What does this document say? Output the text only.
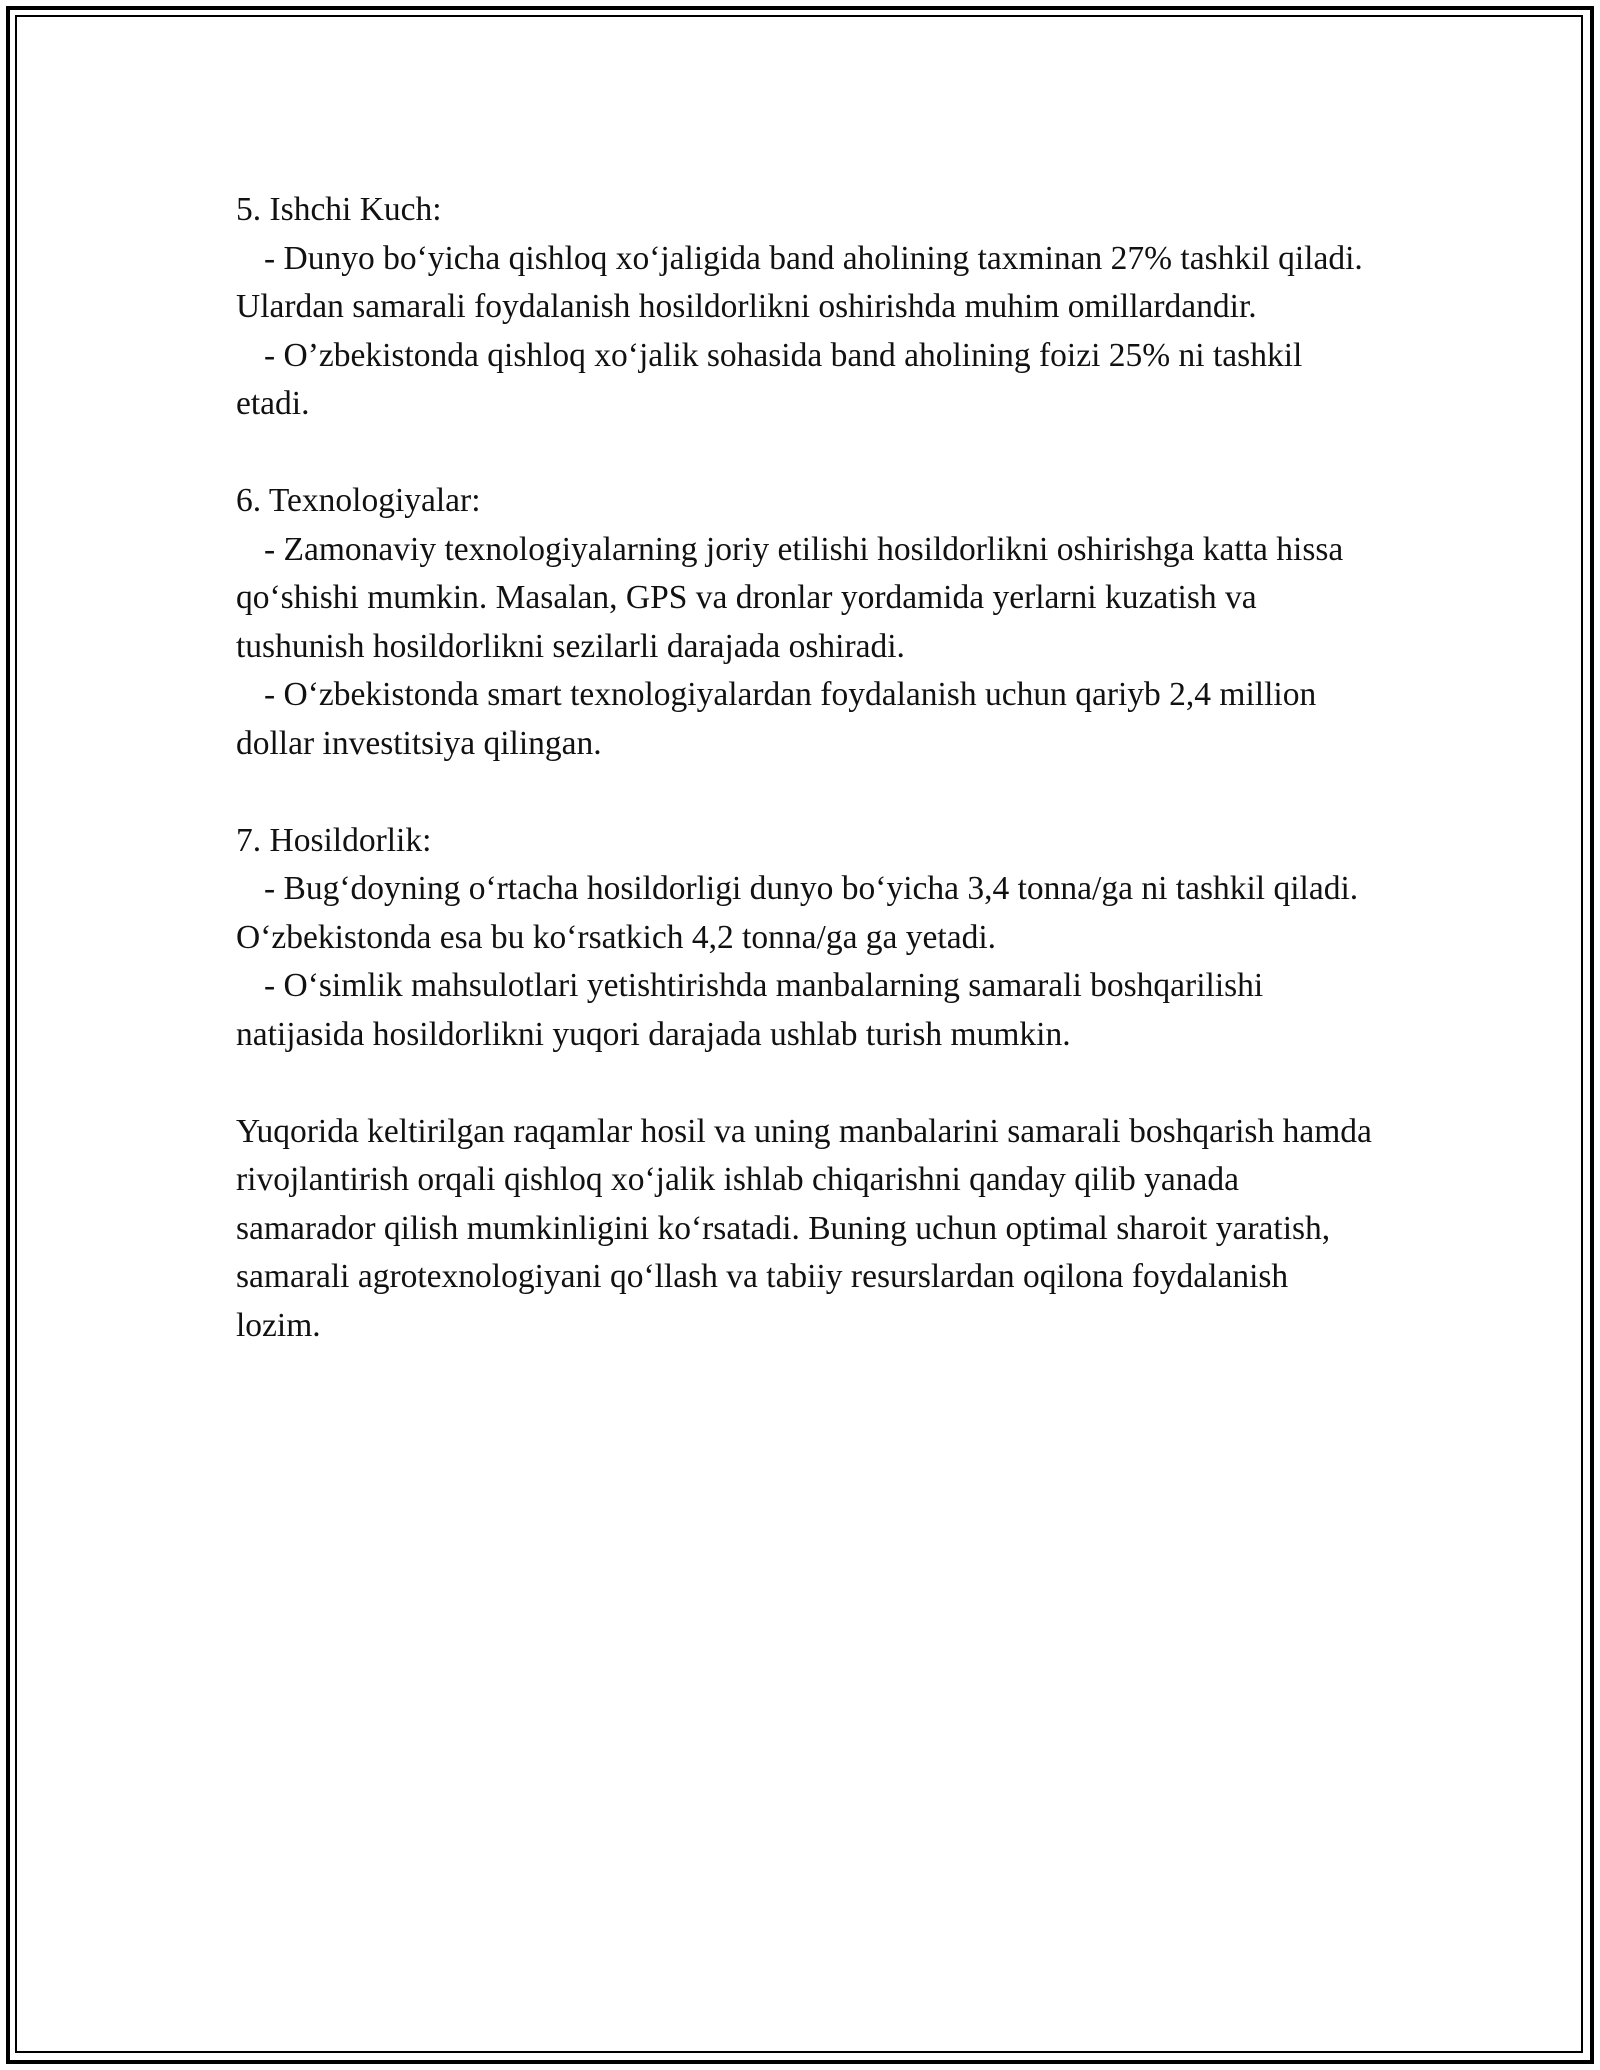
5. Ishchi Kuch:

- Dunyo bo‘yicha qishloq xo‘jaligida band aholining taxminan 27% tashkil qiladi. Ulardan samarali foydalanish hosildorlikni oshirishda muhim omillardandir.

- O’zbekistonda qishloq xo‘jalik sohasida band aholining foizi 25% ni tashkil etadi.

6. Texnologiyalar:

- Zamonaviy texnologiyalarning joriy etilishi hosildorlikni oshirishga katta hissa qo‘shishi mumkin. Masalan, GPS va dronlar yordamida yerlarni kuzatish va tushunish hosildorlikni sezilarli darajada oshiradi.

- O‘zbekistonda smart texnologiyalardan foydalanish uchun qariyb 2,4 million dollar investitsiya qilingan.

7. Hosildorlik:

- Bug‘doyning o‘rtacha hosildorligi dunyo bo‘yicha 3,4 tonna/ga ni tashkil qiladi. O‘zbekistonda esa bu ko‘rsatkich 4,2 tonna/ga ga yetadi.

- O‘simlik mahsulotlari yetishtirishda manbalarning samarali boshqarilishi natijasida hosildorlikni yuqori darajada ushlab turish mumkin.

Yuqorida keltirilgan raqamlar hosil va uning manbalarini samarali boshqarish hamda rivojlantirish orqali qishloq xo‘jalik ishlab chiqarishni qanday qilib yanada samarador qilish mumkinligini ko‘rsatadi. Buning uchun optimal sharoit yaratish, samarali agrotexnologiyani qo‘llash va tabiiy resurslardan oqilona foydalanish lozim.
